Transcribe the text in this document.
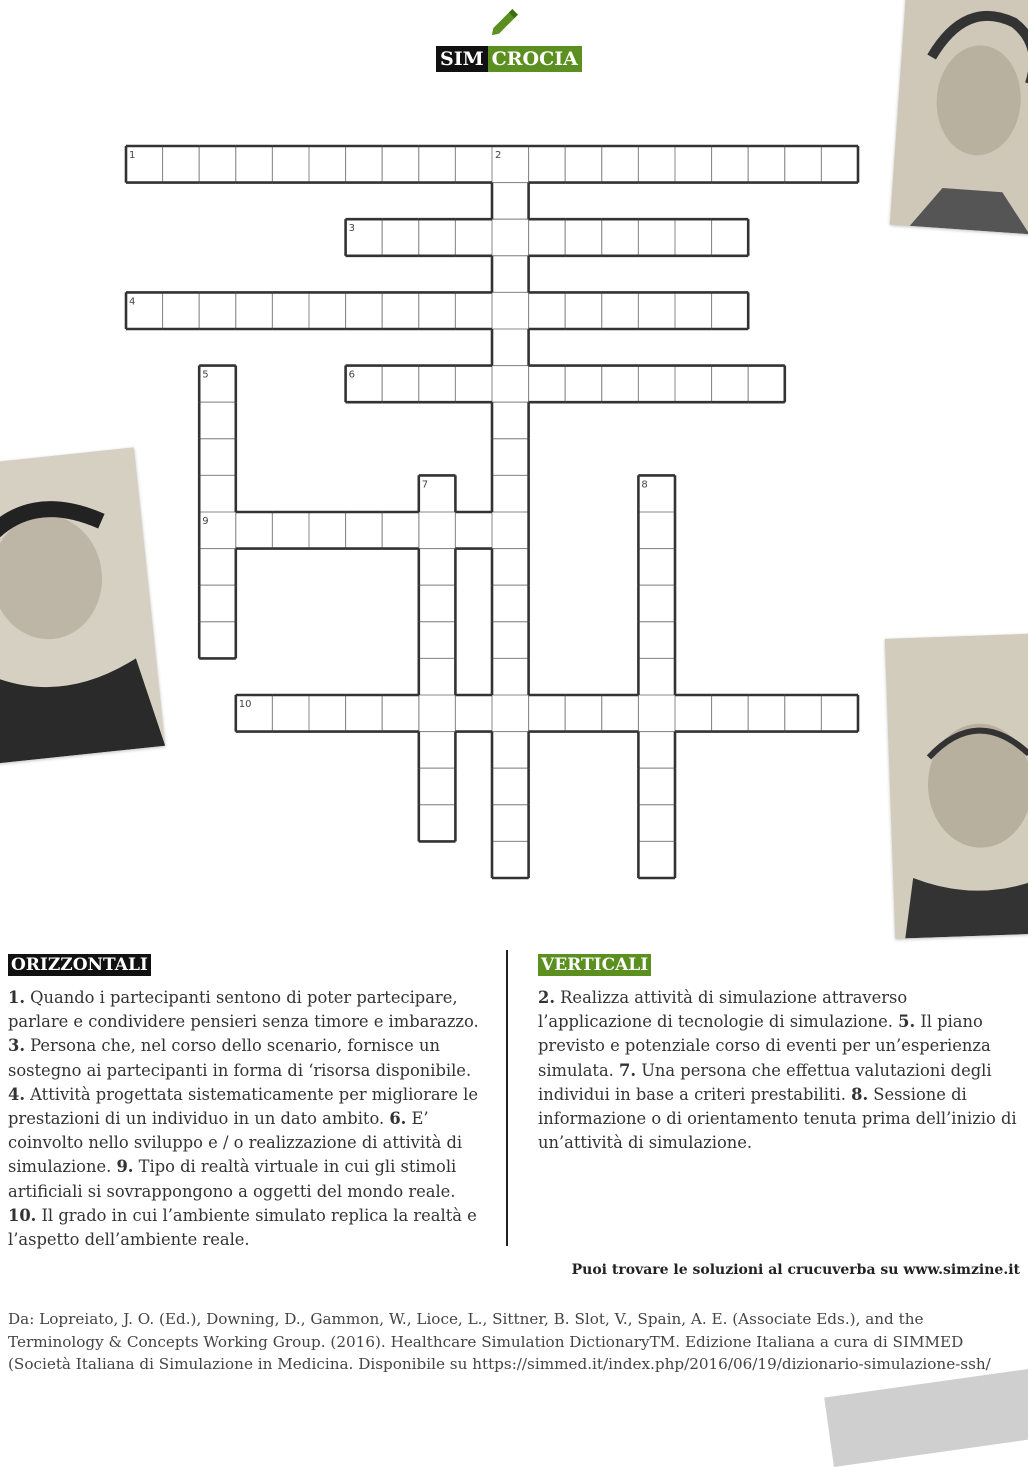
SIM CROCIA
1	2
3
4
5	6
7	8
9
10
ORIZZONTALI	VERTICALI
1. Quando i partecipanti sentono di poter partecipare, parlare e condividere pensieri senza timore e imbarazzo. 3. Persona che, nel corso dello scenario, fornisce un sostegno ai partecipanti in forma di ‘risorsa disponibile. 4. Attività progettata sistematicamente per migliorare le prestazioni di un individuo in un dato ambito. 6. E’ coinvolto nello sviluppo e / o realizzazione di attività di simulazione. 9. Tipo di realtà virtuale in cui gli stimoli artificiali si sovrappongono a oggetti del mondo reale. 10. Il grado in cui l’ambiente simulato replica la realtà e l’aspetto dell’ambiente reale.
2. Realizza attività di simulazione attraverso l’applicazione di tecnologie di simulazione. 5. Il piano previsto e potenziale corso di eventi per un’esperienza simulata. 7. Una persona che effettua valutazioni degli individui in base a criteri prestabiliti. 8. Sessione di informazione o di orientamento tenuta prima dell’inizio di un’attività di simulazione.
Puoi trovare le soluzioni al crucuverba su www.simzine.it
Da: Lopreiato, J. O. (Ed.), Downing, D., Gammon, W., Lioce, L., Sittner, B. Slot, V., Spain, A. E. (Associate Eds.), and the Terminology & Concepts Working Group. (2016). Healthcare Simulation DictionaryTM. Edizione Italiana a cura di SIMMED (Società Italiana di Simulazione in Medicina. Disponibile su https://simmed.it/index.php/2016/06/19/dizionario-simulazione-ssh/
